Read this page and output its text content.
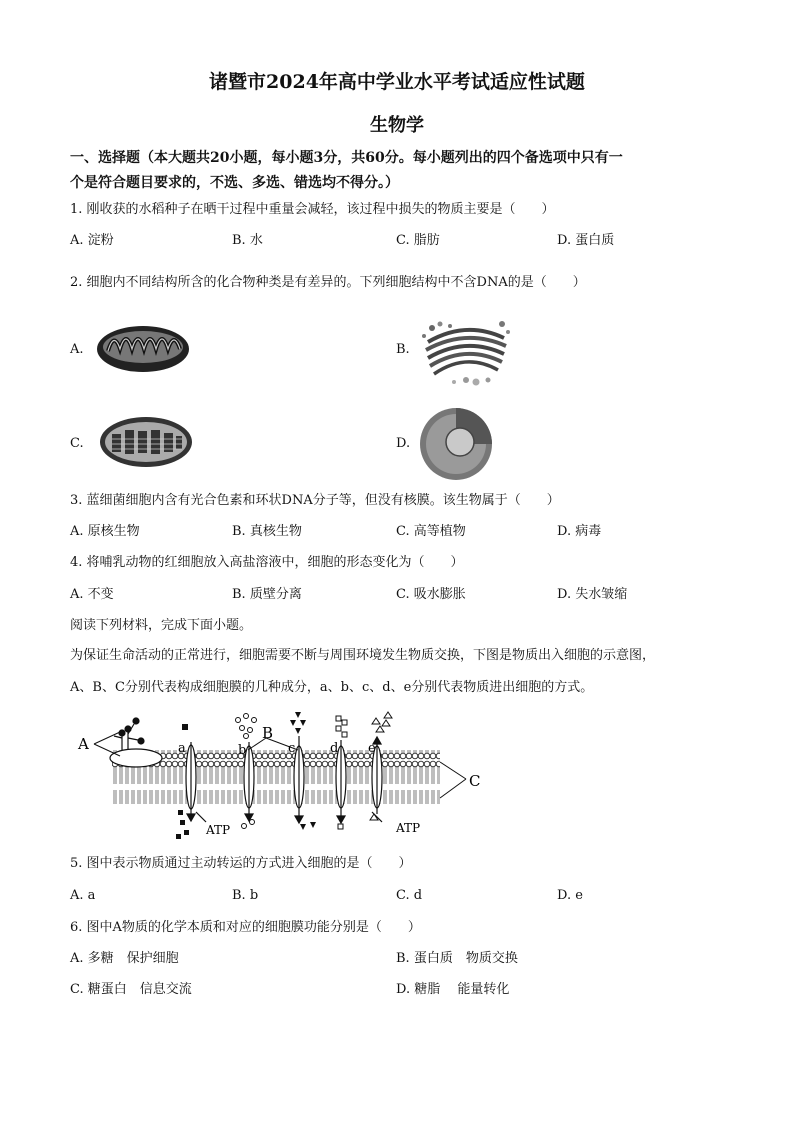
诸暨市2024年高中学业水平考试适应性试题
生物学
一、选择题（本大题共20小题，每小题3分，共60分。每小题列出的四个备选项中只有一
个是符合题目要求的，不选、多选、错选均不得分。）
1. 刚收获的水稻种子在晒干过程中重量会减轻，该过程中损失的物质主要是（　　）
A. 淀粉	B. 水	C. 脂肪	D. 蛋白质
2. 细胞内不同结构所含的化合物种类是有差异的。下列细胞结构中不含DNA的是（　　）
A.	B.
C.	D.
3. 蓝细菌细胞内含有光合色素和环状DNA分子等，但没有核膜。该生物属于（　　）
A. 原核生物	B. 真核生物	C. 高等植物	D. 病毒
4. 将哺乳动物的红细胞放入高盐溶液中，细胞的形态变化为（　　）
A. 不变	B. 质壁分离	C. 吸水膨胀	D. 失水皱缩
阅读下列材料，完成下面小题。
为保证生命活动的正常进行，细胞需要不断与周围环境发生物质交换，下图是物质出入细胞的示意图，
A、B、C分别代表构成细胞膜的几种成分，a、b、c、d、e分别代表物质进出细胞的方式。
A	a	b
B
c	d e
C
ATP	ATP
5. 图中表示物质通过主动转运的方式进入细胞的是（　　）
A. a	B. b	C. d	D. e
6. 图中A物质的化学本质和对应的细胞膜功能分别是（　　）
A. 多糖　保护细胞	B. 蛋白质　物质交换
C. 糖蛋白　信息交流	D. 糖脂　 能量转化
